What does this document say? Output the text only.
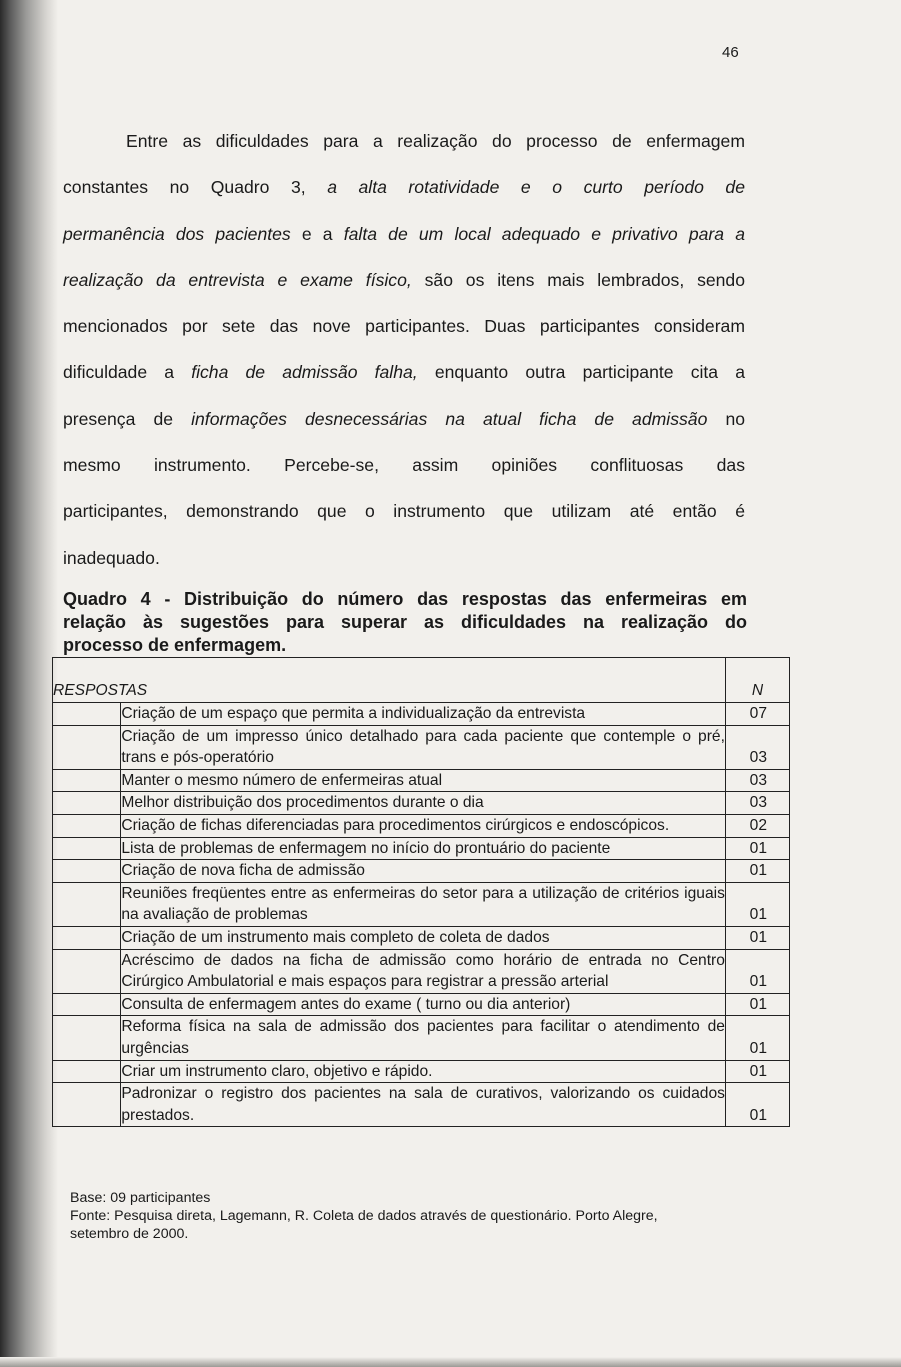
46
Entre as dificuldades para a realização do processo de enfermagem
constantes no Quadro 3, a alta rotatividade e o curto período de
permanência dos pacientes e a falta de um local adequado e privativo para a
realização da entrevista e exame físico, são os itens mais lembrados, sendo
mencionados por sete das nove participantes. Duas participantes consideram
dificuldade a ficha de admissão falha, enquanto outra participante cita a
presença de informações desnecessárias na atual ficha de admissão no
mesmo instrumento. Percebe-se, assim opiniões conflituosas das
participantes, demonstrando que o instrumento que utilizam até então é
inadequado.
Quadro 4 - Distribuição do número das respostas das enfermeiras em
relação às sugestões para superar as dificuldades na realização do
processo de enfermagem.
RESPOSTAS		N
	Criação de um espaço que permita a individualização da entrevista	07
	Criação de um impresso único detalhado para cada paciente que contemple o pré, trans e pós-operatório	03
	Manter o mesmo número de enfermeiras atual	03
	Melhor distribuição dos procedimentos durante o dia	03
	Criação de fichas diferenciadas para procedimentos cirúrgicos e endoscópicos.	02
	Lista de problemas de enfermagem no início do prontuário do paciente	01
	Criação de nova ficha de admissão	01
	Reuniões freqüentes entre as enfermeiras do setor para a utilização de critérios iguais na avaliação de problemas	01
	Criação de um instrumento mais completo de coleta de dados	01
	Acréscimo de dados na ficha de admissão como horário de entrada no Centro Cirúrgico Ambulatorial e mais espaços para registrar a pressão arterial	01
	Consulta de enfermagem antes do exame ( turno ou dia anterior)	01
	Reforma física na sala de admissão dos pacientes para facilitar o atendimento de urgências	01
	Criar um instrumento claro, objetivo e rápido.	01
	Padronizar o registro dos pacientes na sala de curativos, valorizando os cuidados prestados.	01
Base: 09 participantes
Fonte: Pesquisa direta, Lagemann, R. Coleta de dados através de questionário. Porto Alegre,
setembro de 2000.
